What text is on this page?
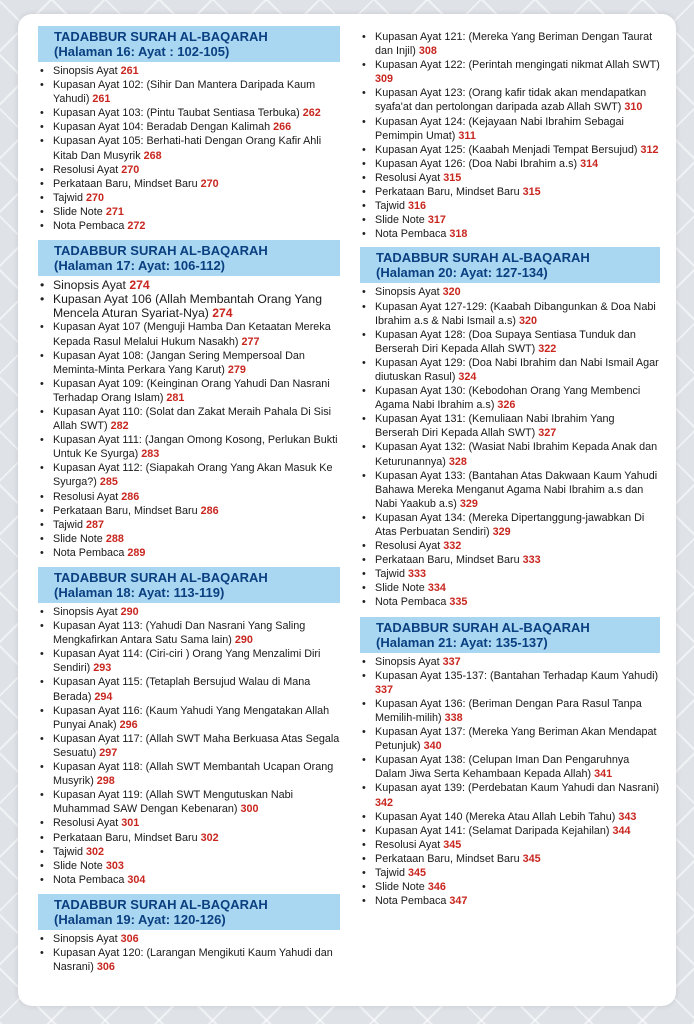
TADABBUR SURAH AL-BAQARAH
(Halaman 16: Ayat : 102-105)
• Sinopsis Ayat 261
• Kupasan Ayat 102: (Sihir Dan Mantera Daripada Kaum Yahudi) 261
• Kupasan Ayat 103: (Pintu Taubat Sentiasa Terbuka) 262
• Kupasan Ayat 104: Beradab Dengan Kalimah 266
• Kupasan Ayat 105: Berhati-hati Dengan Orang Kafir Ahli Kitab Dan Musyrik 268
• Resolusi Ayat 270
• Perkataan Baru, Mindset Baru 270
• Tajwid 270
• Slide Note 271
• Nota Pembaca 272
TADABBUR SURAH AL-BAQARAH
(Halaman 17: Ayat: 106-112)
• Sinopsis Ayat 274
• Kupasan Ayat 106 (Allah Membantah Orang Yang Mencela Aturan Syariat-Nya) 274
• Kupasan Ayat 107 (Menguji Hamba Dan Ketaatan Mereka Kepada Rasul Melalui Hukum Nasakh) 277
• Kupasan Ayat 108: (Jangan Sering Mempersoal Dan Meminta-Minta Perkara Yang Karut) 279
• Kupasan Ayat 109: (Keinginan Orang Yahudi Dan Nasrani Terhadap Orang Islam) 281
• Kupasan Ayat 110: (Solat dan Zakat Meraih Pahala Di Sisi Allah SWT) 282
• Kupasan Ayat 111: (Jangan Omong Kosong, Perlukan Bukti Untuk Ke Syurga) 283
• Kupasan Ayat 112: (Siapakah Orang Yang Akan Masuk Ke Syurga?) 285
• Resolusi Ayat 286
• Perkataan Baru, Mindset Baru 286
• Tajwid 287
• Slide Note 288
• Nota Pembaca 289
TADABBUR SURAH AL-BAQARAH
(Halaman 18: Ayat: 113-119)
• Sinopsis Ayat 290
• Kupasan Ayat 113: (Yahudi Dan Nasrani Yang Saling Mengkafirkan Antara Satu Sama lain) 290
• Kupasan Ayat 114: (Ciri-ciri ) Orang Yang Menzalimi Diri Sendiri) 293
• Kupasan Ayat 115: (Tetaplah Bersujud Walau di Mana Berada) 294
• Kupasan Ayat 116: (Kaum Yahudi Yang Mengatakan Allah Punyai Anak) 296
• Kupasan Ayat 117: (Allah SWT Maha Berkuasa Atas Segala Sesuatu) 297
• Kupasan Ayat 118: (Allah SWT Membantah Ucapan Orang Musyrik) 298
• Kupasan Ayat 119: (Allah SWT Mengutuskan Nabi Muhammad SAW Dengan Kebenaran) 300
• Resolusi Ayat 301
• Perkataan Baru, Mindset Baru 302
• Tajwid 302
• Slide Note 303
• Nota Pembaca 304
TADABBUR SURAH AL-BAQARAH
(Halaman 19: Ayat: 120-126)
• Sinopsis Ayat 306
• Kupasan Ayat 120: (Larangan Mengikuti Kaum Yahudi dan Nasrani) 306
• Kupasan Ayat 121: (Mereka Yang Beriman Dengan Taurat dan Injil) 308
• Kupasan Ayat 122: (Perintah mengingati nikmat Allah SWT) 309
• Kupasan Ayat 123: (Orang kafir tidak akan mendapatkan syafa'at dan pertolongan daripada azab Allah SWT) 310
• Kupasan Ayat 124: (Kejayaan Nabi Ibrahim Sebagai Pemimpin Umat) 311
• Kupasan Ayat 125: (Kaabah Menjadi Tempat Bersujud) 312
• Kupasan Ayat 126: (Doa Nabi Ibrahim a.s) 314
• Resolusi Ayat 315
• Perkataan Baru, Mindset Baru 315
• Tajwid 316
• Slide Note 317
• Nota Pembaca 318
TADABBUR SURAH AL-BAQARAH
(Halaman 20: Ayat: 127-134)
• Sinopsis Ayat 320
• Kupasan Ayat 127-129: (Kaabah Dibangunkan & Doa Nabi Ibrahim a.s & Nabi Ismail a.s) 320
• Kupasan Ayat 128: (Doa Supaya Sentiasa Tunduk dan Berserah Diri Kepada Allah SWT) 322
• Kupasan Ayat 129: (Doa Nabi Ibrahim dan Nabi Ismail Agar diutuskan Rasul) 324
• Kupasan Ayat 130: (Kebodohan Orang Yang Membenci Agama Nabi Ibrahim a.s) 326
• Kupasan Ayat 131: (Kemuliaan Nabi Ibrahim Yang Berserah Diri Kepada Allah SWT) 327
• Kupasan Ayat 132: (Wasiat Nabi Ibrahim Kepada Anak dan Keturunannya) 328
• Kupasan Ayat 133: (Bantahan Atas Dakwaan Kaum Yahudi Bahawa Mereka Menganut Agama Nabi Ibrahim a.s dan Nabi Yaakub a.s) 329
• Kupasan Ayat 134: (Mereka Dipertanggung-jawabkan Di Atas Perbuatan Sendiri) 329
• Resolusi Ayat 332
• Perkataan Baru, Mindset Baru 333
• Tajwid 333
• Slide Note 334
• Nota Pembaca 335
TADABBUR SURAH AL-BAQARAH
(Halaman 21: Ayat: 135-137)
• Sinopsis Ayat 337
• Kupasan Ayat 135-137: (Bantahan Terhadap Kaum Yahudi) 337
• Kupasan Ayat 136: (Beriman Dengan Para Rasul Tanpa Memilih-milih) 338
• Kupasan Ayat 137: (Mereka Yang Beriman Akan Mendapat Petunjuk) 340
• Kupasan Ayat 138: (Celupan Iman Dan Pengaruhnya Dalam Jiwa Serta Kehambaan Kepada Allah) 341
• Kupasan ayat 139: (Perdebatan Kaum Yahudi dan Nasrani) 342
• Kupasan Ayat 140 (Mereka Atau Allah Lebih Tahu) 343
• Kupasan Ayat 141: (Selamat Daripada Kejahilan) 344
• Resolusi Ayat 345
• Perkataan Baru, Mindset Baru 345
• Tajwid 345
• Slide Note 346
• Nota Pembaca 347
